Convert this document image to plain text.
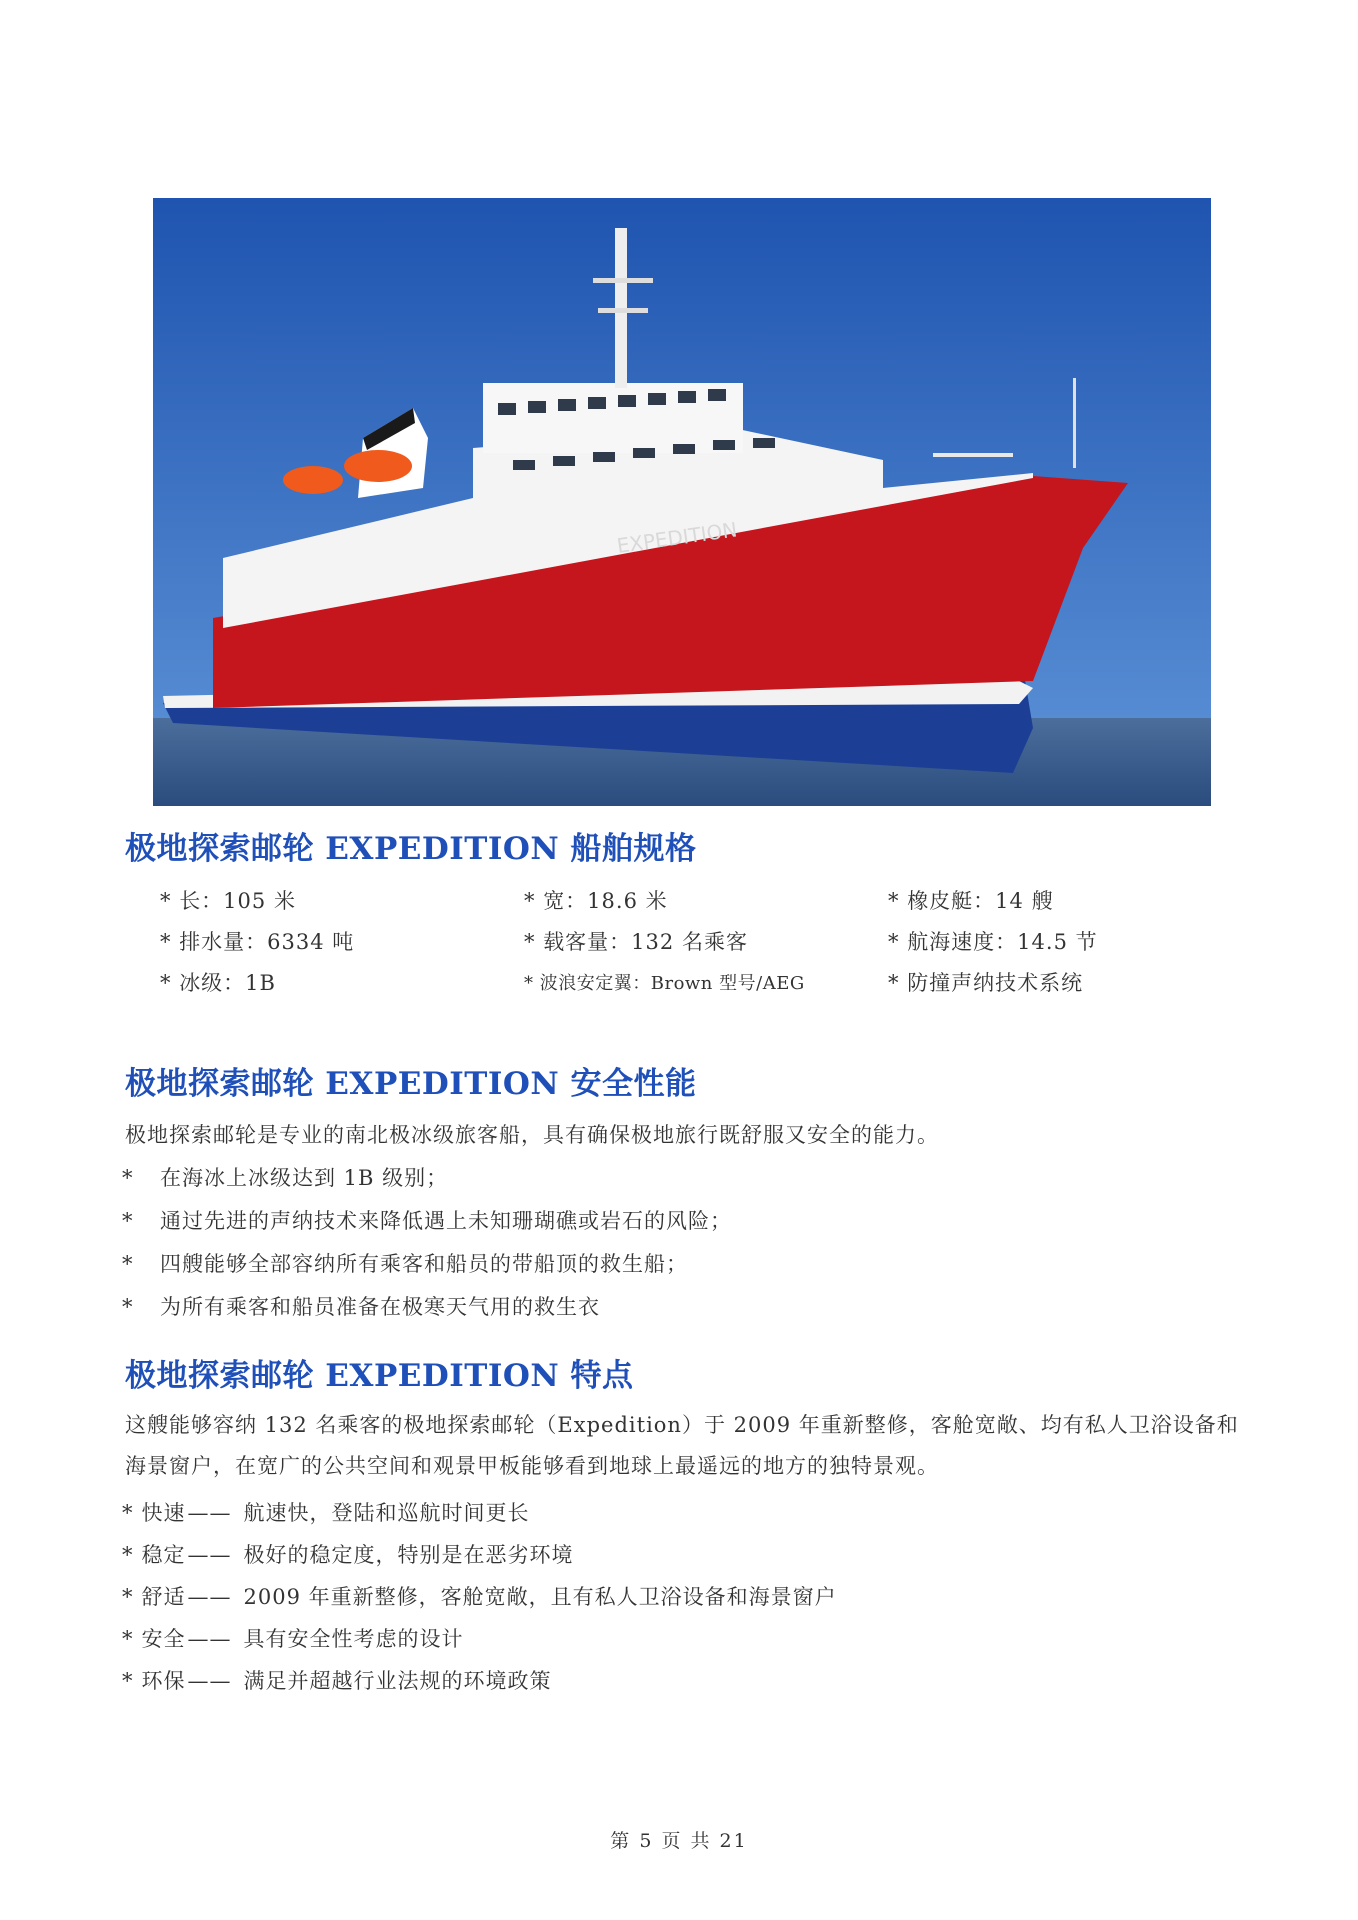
EXPEDITION
极地探索邮轮 EXPEDITION 船舶规格
* 长：105 米	* 宽：18.6 米	* 橡皮艇：14 艘
* 排水量：6334 吨	* 载客量：132 名乘客	* 航海速度：14.5 节
* 冰级：1B	* 波浪安定翼：Brown 型号/AEG	* 防撞声纳技术系统
极地探索邮轮 EXPEDITION 安全性能

极地探索邮轮是专业的南北极冰级旅客船，具有确保极地旅行既舒服又安全的能力。

* 在海冰上冰级达到 1B 级别；
* 通过先进的声纳技术来降低遇上未知珊瑚礁或岩石的风险；
* 四艘能够全部容纳所有乘客和船员的带船顶的救生船；
* 为所有乘客和船员准备在极寒天气用的救生衣
极地探索邮轮 EXPEDITION 特点

这艘能够容纳 132 名乘客的极地探索邮轮（Expedition）于 2009 年重新整修，客舱宽敞、均有私人卫浴设备和海景窗户，在宽广的公共空间和观景甲板能够看到地球上最遥远的地方的独特景观。

* 快速—— 航速快，登陆和巡航时间更长
* 稳定—— 极好的稳定度，特别是在恶劣环境
* 舒适—— 2009 年重新整修，客舱宽敞，且有私人卫浴设备和海景窗户
* 安全—— 具有安全性考虑的设计
* 环保—— 满足并超越行业法规的环境政策
第 5 页 共 21
